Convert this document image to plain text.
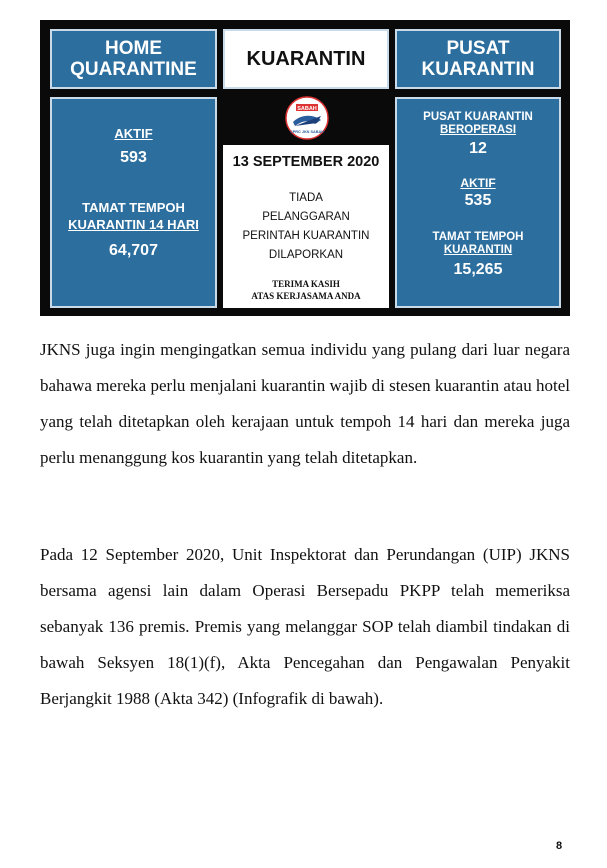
HOME
QUARANTINE KUARANTIN	PUSAT
KUARANTIN
AKTIF
593
TAMAT TEMPOH
KUARANTIN 14 HARI
64,707
SABAH
CPRC JKN SABAH
13 SEPTEMBER 2020
TIADA
PELANGGARAN
PERINTAH KUARANTIN
DILAPORKAN
TERIMA KASIH
ATAS KERJASAMA ANDA
PUSAT KUARANTIN
BEROPERASI
12
AKTIF
535
TAMAT TEMPOH
KUARANTIN
15,265

JKNS juga ingin mengingatkan semua individu yang pulang dari luar negara bahawa mereka perlu menjalani kuarantin wajib di stesen kuarantin atau hotel yang telah ditetapkan oleh kerajaan untuk tempoh 14 hari dan mereka juga perlu menanggung kos kuarantin yang telah ditetapkan.

Pada 12 September 2020, Unit Inspektorat dan Perundangan (UIP) JKNS bersama agensi lain dalam Operasi Bersepadu PKPP telah memeriksa sebanyak 136 premis. Premis yang melanggar SOP telah diambil tindakan di bawah Seksyen 18(1)(f), Akta Pencegahan dan Pengawalan Penyakit Berjangkit 1988 (Akta 342) (Infografik di bawah).

8
